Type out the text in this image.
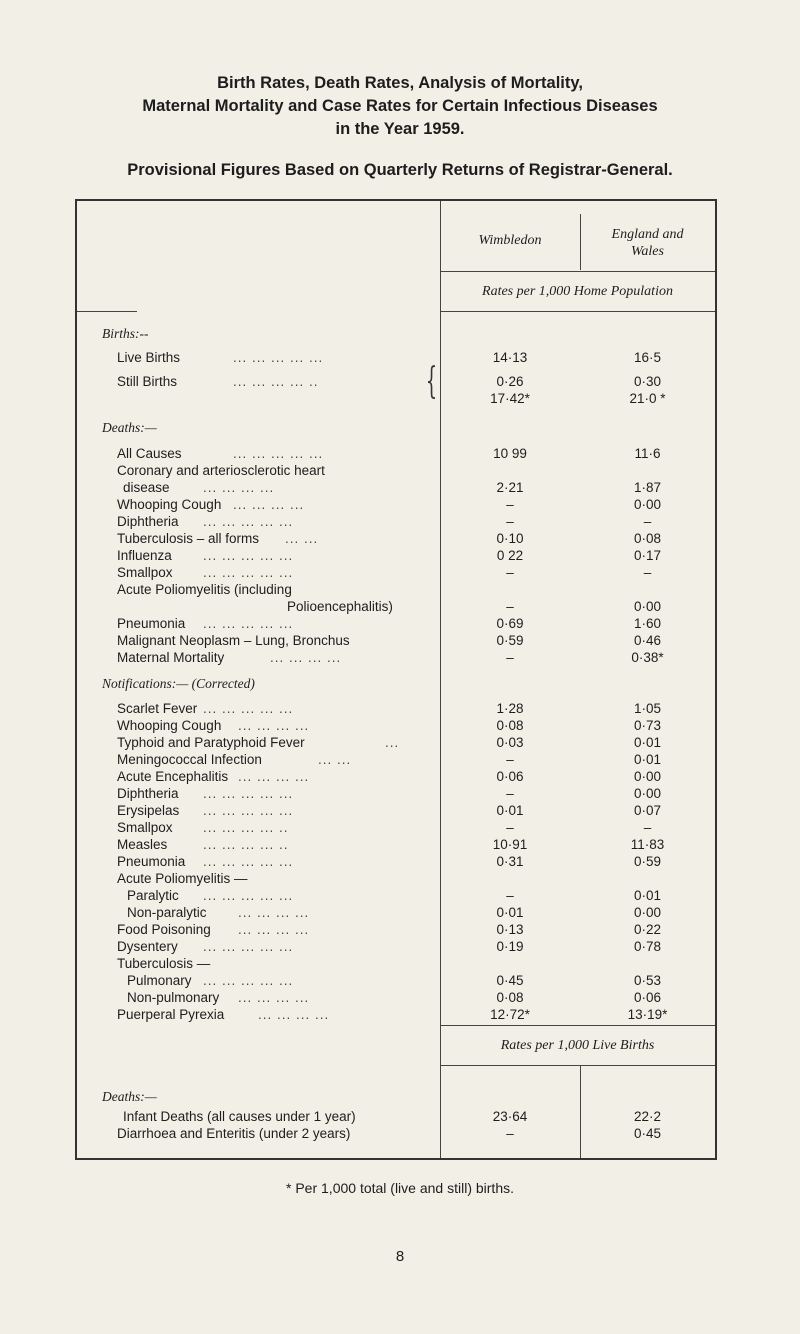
Birth Rates, Death Rates, Analysis of Mortality,
Maternal Mortality and Case Rates for Certain Infectious Diseases
in the Year 1959.
Provisional Figures Based on Quarterly Returns of Registrar-General.
Wimbledon	England and
Wales
Rates per 1,000 Home Population
Rates per 1,000 Live Births
Births:--
Deaths:—
Notifications:— (Corrected)
Deaths:—
{
Live Births	... ... ... ... ...	14·13	16·5
Still Births	... ... ... ... ..	0·26	0·30
17·42*	21·0 *
All Causes	... ... ... ... ...	10 99	11·6
Coronary and arteriosclerotic heart
disease ... ... ... ...	2·21	1·87
Whooping Cough ... ... ... ...	–	0·00
Diphtheria ... ... ... ... ...	–	–
Tuberculosis – all forms ... ...	0·10	0·08
Influenza ... ... ... ... ...	0 22	0·17
Smallpox ... ... ... ... ...	–	–
Acute Poliomyelitis (including
Polioencephalitis)	–	0·00
Pneumonia ... ... ... ... ...	0·69	1·60
Malignant Neoplasm – Lung, Bronchus	0·59	0·46
Maternal Mortality	... ... ... ...	–	0·38*
Scarlet Fever ... ... ... ... ...	1·28	1·05
Whooping Cough ... ... ... ...	0·08	0·73
Typhoid and Paratyphoid Fever	...	0·03	0·01
Meningococcal Infection	... ...	–	0·01
Acute Encephalitis ... ... ... ...	0·06	0·00
Diphtheria ... ... ... ... ...	–	0·00
Erysipelas ... ... ... ... ...	0·01	0·07
Smallpox ... ... ... ... ..	–	–
Measles	... ... ... ... ..	10·91	11·83
Pneumonia ... ... ... ... ...	0·31	0·59
Acute Poliomyelitis —
Paralytic ... ... ... ... ...	–	0·01
Non-paralytic ... ... ... ...	0·01	0·00
Food Poisoning ... ... ... ...	0·13	0·22
Dysentery ... ... ... ... ...	0·19	0·78
Tuberculosis —
Pulmonary ... ... ... ... ...	0·45	0·53
Non-pulmonary ... ... ... ...	0·08	0·06
Puerperal Pyrexia ... ... ... ...	12·72*	13·19*
Infant Deaths (all causes under 1 year)	23·64	22·2
Diarrhoea and Enteritis (under 2 years)	–	0·45
* Per 1,000 total (live and still) births.
8
